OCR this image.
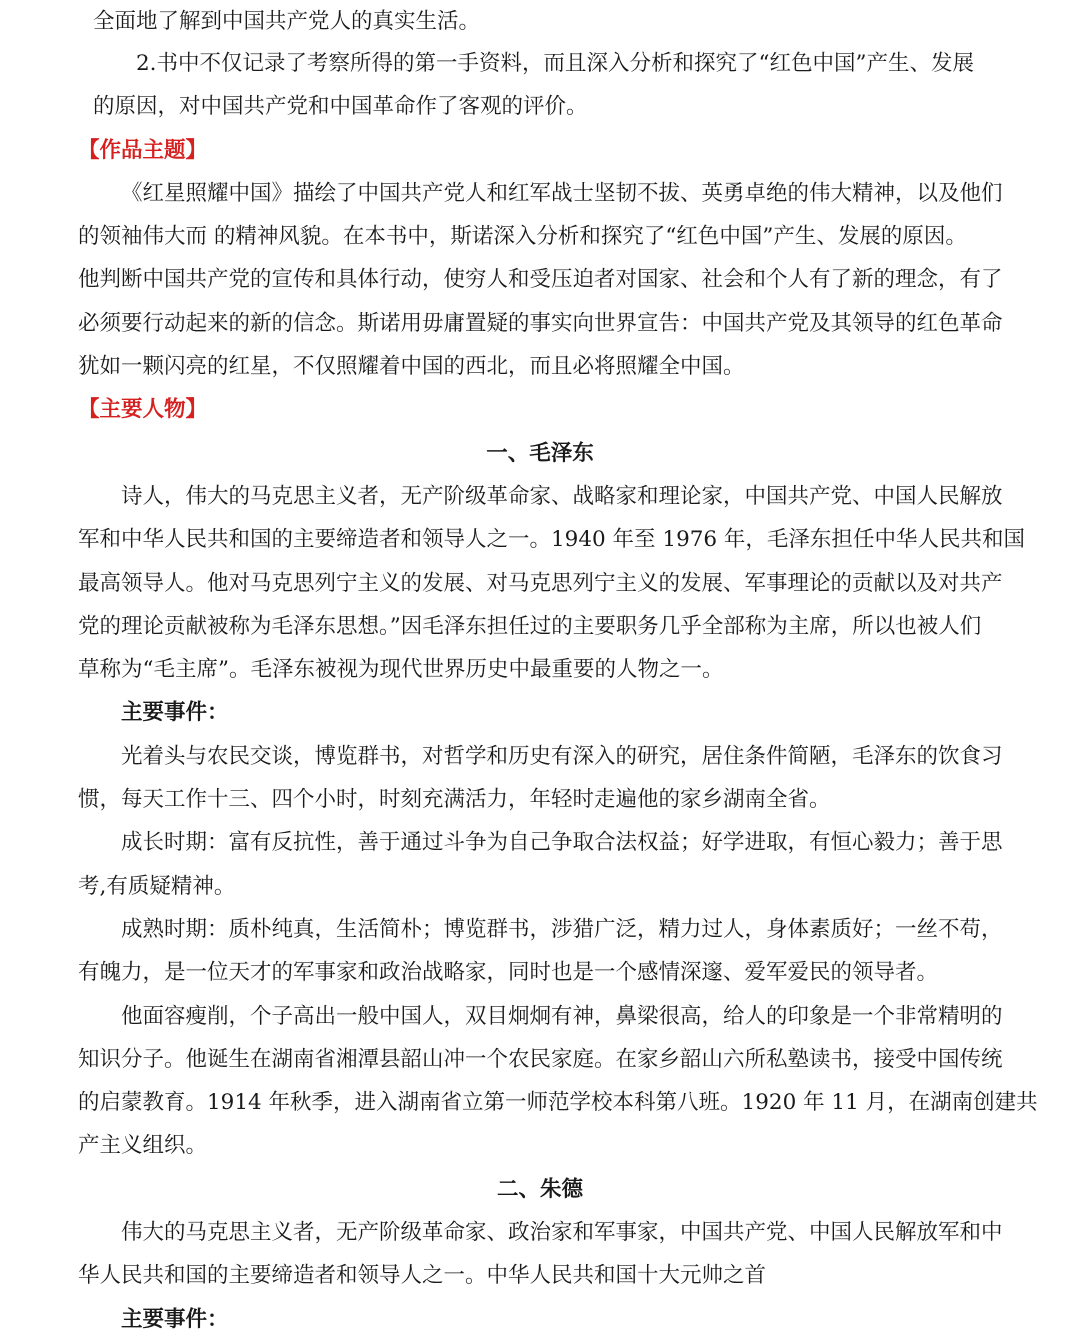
全面地了解到中国共产党人的真实生活。
2.书中不仅记录了考察所得的第一手资料，而且深入分析和探究了“红色中国”产生、发展
的原因，对中国共产党和中国革命作了客观的评价。
【作品主题】
《红星照耀中国》描绘了中国共产党人和红军战士坚韧不拔、英勇卓绝的伟大精神，以及他们
的领袖伟大而 的精神风貌。在本书中，斯诺深入分析和探究了“红色中国”产生、发展的原因。
他判断中国共产党的宣传和具体行动，使穷人和受压迫者对国家、社会和个人有了新的理念，有了
必须要行动起来的新的信念。斯诺用毋庸置疑的事实向世界宣告：中国共产党及其领导的红色革命
犹如一颗闪亮的红星，不仅照耀着中国的西北，而且必将照耀全中国。
【主要人物】
一、毛泽东
诗人，伟大的马克思主义者，无产阶级革命家、战略家和理论家，中国共产党、中国人民解放
军和中华人民共和国的主要缔造者和领导人之一。1940 年至 1976 年，毛泽东担任中华人民共和国
最高领导人。他对马克思列宁主义的发展、对马克思列宁主义的发展、军事理论的贡献以及对共产
党的理论贡献被称为毛泽东思想。”因毛泽东担任过的主要职务几乎全部称为主席，所以也被人们
草称为“毛主席”。毛泽东被视为现代世界历史中最重要的人物之一。
主要事件：
光着头与农民交谈，博览群书，对哲学和历史有深入的研究，居住条件简陋，毛泽东的饮食习
惯，每天工作十三、四个小时，时刻充满活力，年轻时走遍他的家乡湖南全省。
成长时期：富有反抗性，善于通过斗争为自己争取合法权益；好学进取，有恒心毅力；善于思
考,有质疑精神。
成熟时期：质朴纯真，生活简朴；博览群书，涉猎广泛，精力过人，身体素质好；一丝不苟，
有魄力，是一位天才的军事家和政治战略家，同时也是一个感情深邃、爱军爱民的领导者。
他面容瘦削，个子高出一般中国人，双目炯炯有神，鼻梁很高，给人的印象是一个非常精明的
知识分子。他诞生在湖南省湘潭县韶山冲一个农民家庭。在家乡韶山六所私塾读书，接受中国传统
的启蒙教育。1914 年秋季，进入湖南省立第一师范学校本科第八班。1920 年 11 月，在湖南创建共
产主义组织。
二、朱德
伟大的马克思主义者，无产阶级革命家、政治家和军事家，中国共产党、中国人民解放军和中
华人民共和国的主要缔造者和领导人之一。中华人民共和国十大元帅之首
主要事件：
